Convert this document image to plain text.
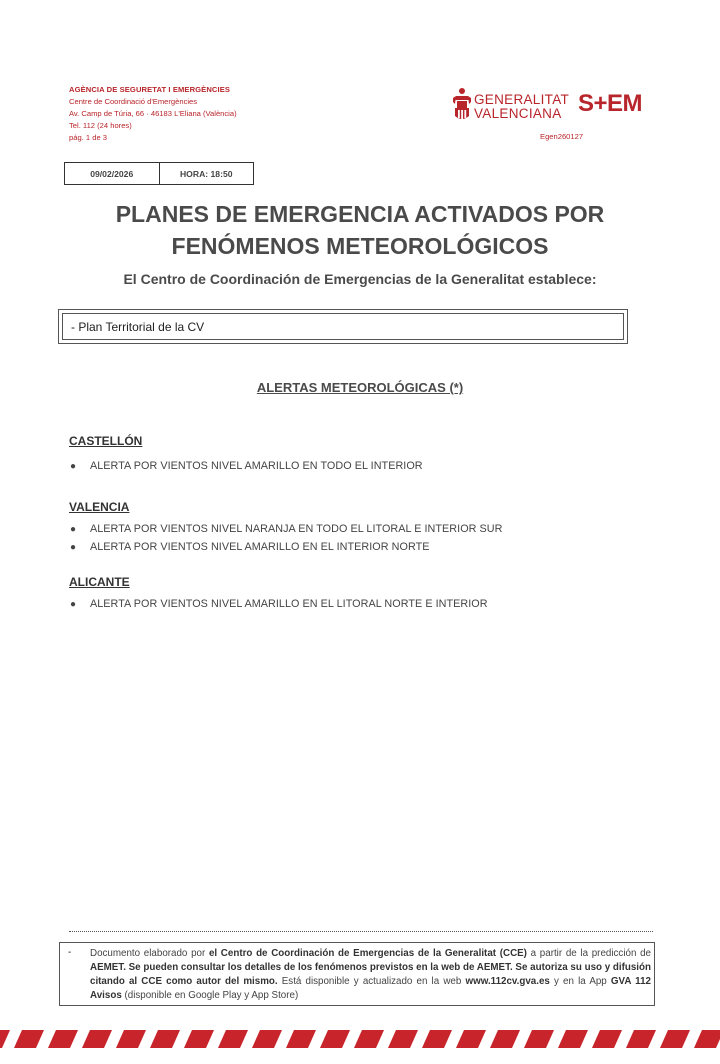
AGÈNCIA DE SEGURETAT I EMERGÈNCIES
Centre de Coordinació d'Emergències
Av. Camp de Túria, 66 · 46183 L'Eliana (València)
Tel. 112 (24 hores)
pág. 1 de 3
GENERALITAT
VALENCIANA S+EM
Egen260127
09/02/2026	HORA: 18:50
PLANES DE EMERGENCIA ACTIVADOS POR
FENÓMENOS METEOROLÓGICOS
El Centro de Coordinación de Emergencias de la Generalitat establece:
- Plan Territorial de la CV
ALERTAS METEOROLÓGICAS (*)
CASTELLÓN
● ALERTA POR VIENTOS NIVEL AMARILLO EN TODO EL INTERIOR
VALENCIA
● ALERTA POR VIENTOS NIVEL NARANJA EN TODO EL LITORAL E INTERIOR SUR
● ALERTA POR VIENTOS NIVEL AMARILLO EN EL INTERIOR NORTE
ALICANTE
● ALERTA POR VIENTOS NIVEL AMARILLO EN EL LITORAL NORTE E INTERIOR
- Documento elaborado por el Centro de Coordinación de Emergencias de la Generalitat (CCE) a partir de la predicción de AEMET. Se pueden consultar los detalles de los fenómenos previstos en la web de AEMET. Se autoriza su uso y difusión citando al CCE como autor del mismo. Está disponible y actualizado en la web www.112cv.gva.es y en la App GVA 112 Avisos (disponible en Google Play y App Store)
